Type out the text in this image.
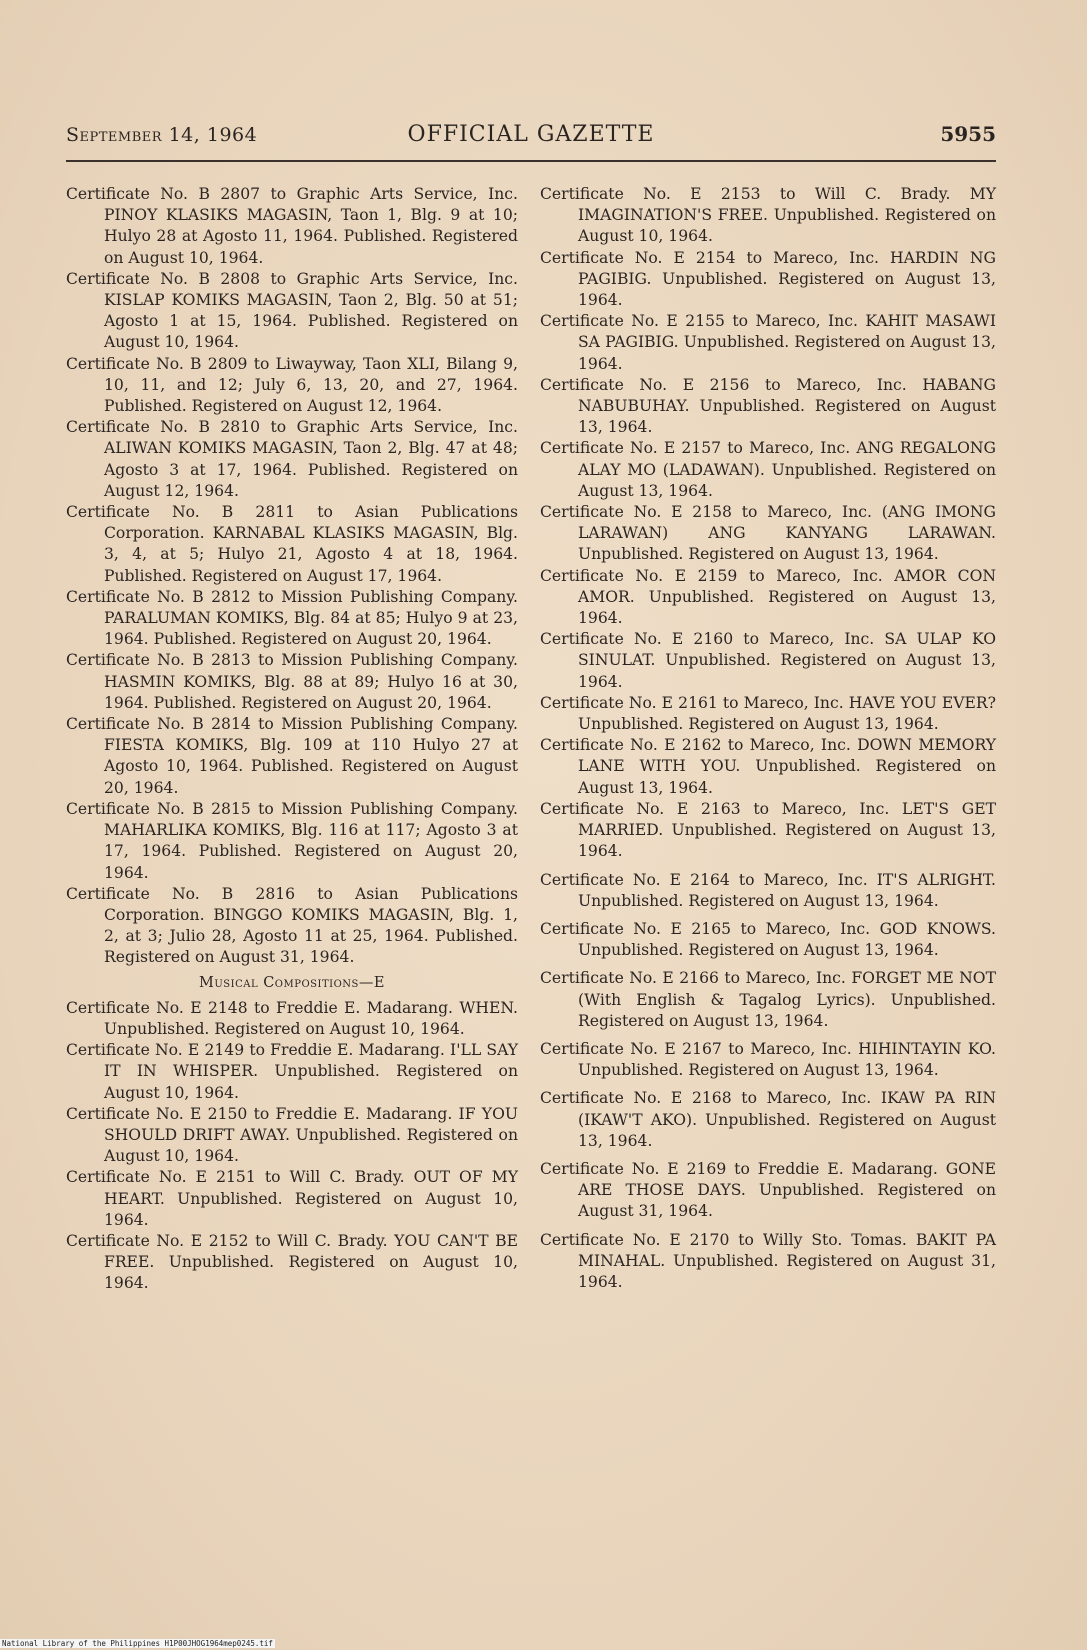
September 14, 1964	OFFICIAL GAZETTE	5955

Certificate No. B 2807 to Graphic Arts Service, Inc. PINOY KLASIKS MAGASIN, Taon 1, Blg. 9 at 10; Hulyo 28 at Agosto 11, 1964. Published. Registered on August 10, 1964.

Certificate No. B 2808 to Graphic Arts Service, Inc. KISLAP KOMIKS MAGASIN, Taon 2, Blg. 50 at 51; Agosto 1 at 15, 1964. Published. Registered on August 10, 1964.

Certificate No. B 2809 to Liwayway, Taon XLI, Bilang 9, 10, 11, and 12; July 6, 13, 20, and 27, 1964. Published. Registered on August 12, 1964.

Certificate No. B 2810 to Graphic Arts Service, Inc. ALIWAN KOMIKS MAGASIN, Taon 2, Blg. 47 at 48; Agosto 3 at 17, 1964. Published. Registered on August 12, 1964.

Certificate No. B 2811 to Asian Publications Corporation. KARNABAL KLASIKS MAGASIN, Blg. 3, 4, at 5; Hulyo 21, Agosto 4 at 18, 1964. Published. Registered on August 17, 1964.

Certificate No. B 2812 to Mission Publishing Company. PARALUMAN KOMIKS, Blg. 84 at 85; Hulyo 9 at 23, 1964. Published. Registered on August 20, 1964.

Certificate No. B 2813 to Mission Publishing Company. HASMIN KOMIKS, Blg. 88 at 89; Hulyo 16 at 30, 1964. Published. Registered on August 20, 1964.

Certificate No. B 2814 to Mission Publishing Company. FIESTA KOMIKS, Blg. 109 at 110 Hulyo 27 at Agosto 10, 1964. Published. Registered on August 20, 1964.

Certificate No. B 2815 to Mission Publishing Company. MAHARLIKA KOMIKS, Blg. 116 at 117; Agosto 3 at 17, 1964. Published. Registered on August 20, 1964.

Certificate No. B 2816 to Asian Publications Corporation. BINGGO KOMIKS MAGASIN, Blg. 1, 2, at 3; Julio 28, Agosto 11 at 25, 1964. Published. Registered on August 31, 1964.

Musical Compositions—E

Certificate No. E 2148 to Freddie E. Madarang. WHEN. Unpublished. Registered on August 10, 1964.

Certificate No. E 2149 to Freddie E. Madarang. I'LL SAY IT IN WHISPER. Unpublished. Registered on August 10, 1964.

Certificate No. E 2150 to Freddie E. Madarang. IF YOU SHOULD DRIFT AWAY. Unpublished. Registered on August 10, 1964.

Certificate No. E 2151 to Will C. Brady. OUT OF MY HEART. Unpublished. Registered on August 10, 1964.

Certificate No. E 2152 to Will C. Brady. YOU CAN'T BE FREE. Unpublished. Registered on August 10, 1964.

Certificate No. E 2153 to Will C. Brady. MY IMAGINATION'S FREE. Unpublished. Registered on August 10, 1964.

Certificate No. E 2154 to Mareco, Inc. HARDIN NG PAGIBIG. Unpublished. Registered on August 13, 1964.

Certificate No. E 2155 to Mareco, Inc. KAHIT MASAWI SA PAGIBIG. Unpublished. Registered on August 13, 1964.

Certificate No. E 2156 to Mareco, Inc. HABANG NABUBUHAY. Unpublished. Registered on August 13, 1964.

Certificate No. E 2157 to Mareco, Inc. ANG REGALONG ALAY MO (LADAWAN). Unpublished. Registered on August 13, 1964.

Certificate No. E 2158 to Mareco, Inc. (ANG IMONG LARAWAN) ANG KANYANG LARAWAN. Unpublished. Registered on August 13, 1964.

Certificate No. E 2159 to Mareco, Inc. AMOR CON AMOR. Unpublished. Registered on August 13, 1964.

Certificate No. E 2160 to Mareco, Inc. SA ULAP KO SINULAT. Unpublished. Registered on August 13, 1964.

Certificate No. E 2161 to Mareco, Inc. HAVE YOU EVER? Unpublished. Registered on August 13, 1964.

Certificate No. E 2162 to Mareco, Inc. DOWN MEMORY LANE WITH YOU. Unpublished. Registered on August 13, 1964.

Certificate No. E 2163 to Mareco, Inc. LET'S GET MARRIED. Unpublished. Registered on August 13, 1964.

Certificate No. E 2164 to Mareco, Inc. IT'S ALRIGHT. Unpublished. Registered on August 13, 1964.

Certificate No. E 2165 to Mareco, Inc. GOD KNOWS. Unpublished. Registered on August 13, 1964.

Certificate No. E 2166 to Mareco, Inc. FORGET ME NOT (With English & Tagalog Lyrics). Unpublished. Registered on August 13, 1964.

Certificate No. E 2167 to Mareco, Inc. HIHINTAYIN KO. Unpublished. Registered on August 13, 1964.

Certificate No. E 2168 to Mareco, Inc. IKAW PA RIN (IKAW'T AKO). Unpublished. Registered on August 13, 1964.

Certificate No. E 2169 to Freddie E. Madarang. GONE ARE THOSE DAYS. Unpublished. Registered on August 31, 1964.

Certificate No. E 2170 to Willy Sto. Tomas. BAKIT PA MINAHAL. Unpublished. Registered on August 31, 1964.

National Library of the Philippines H1P00JHOG1964mep0245.tif
